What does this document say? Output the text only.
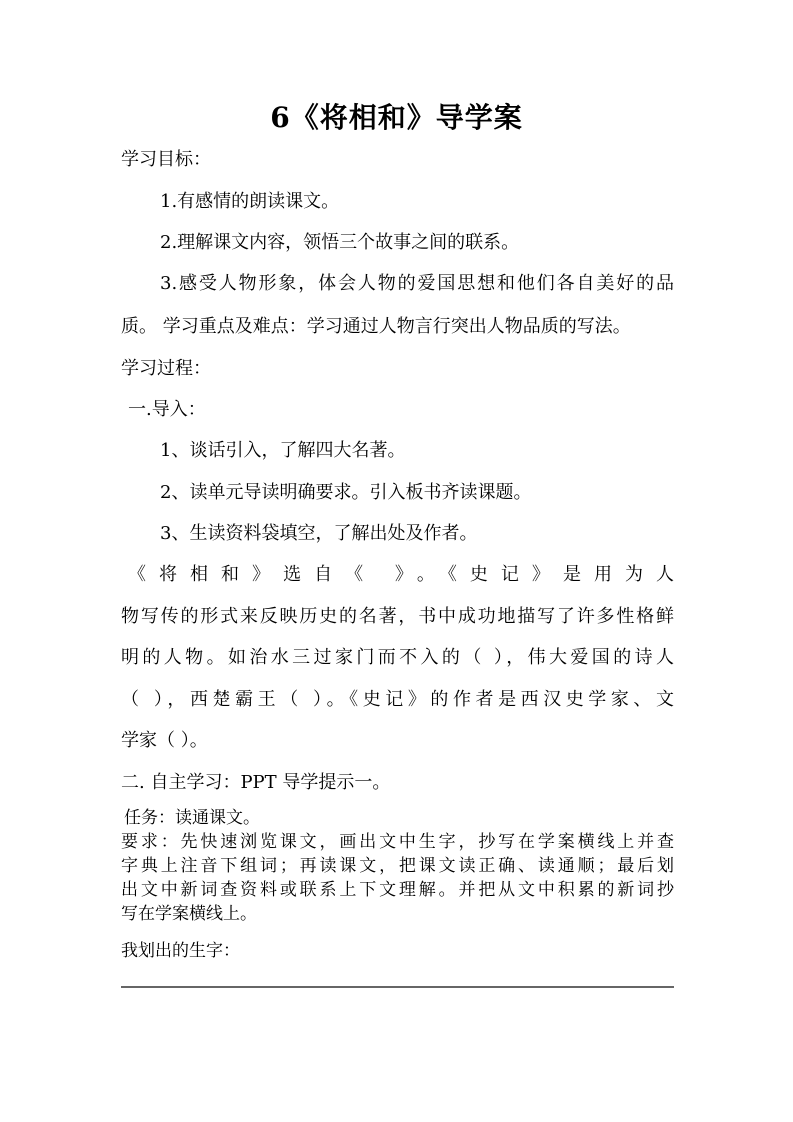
6《将相和》导学案
学习目标：
1.有感情的朗读课文。
2.理解课文内容，领悟三个故事之间的联系。
3.感受人物形象，体会人物的爱国思想和他们各自美好的品
质。 学习重点及难点：学习通过人物言行突出人物品质的写法。
学习过程：
一.导入：
1、谈话引入，了解四大名著。
2、读单元导读明确要求。引入板书齐读课题。
3、生读资料袋填空，了解出处及作者。
《将相和》选自《 》。《史记》是用为人
物写传的形式来反映历史的名著，书中成功地描写了许多性格鲜
明的人物。如治水三过家门而不入的（ ），伟大爱国的诗人
（ ），西楚霸王（ ）。《史记》的作者是西汉史学家、文
学家（ ）。
二. 自主学习：PPT 导学提示一。
任务：读通课文。
要求：先快速浏览课文，画出文中生字，抄写在学案横线上并查
字典上注音下组词；再读课文，把课文读正确、读通顺；最后划
出文中新词查资料或联系上下文理解。并把从文中积累的新词抄
写在学案横线上。
我划出的生字：
